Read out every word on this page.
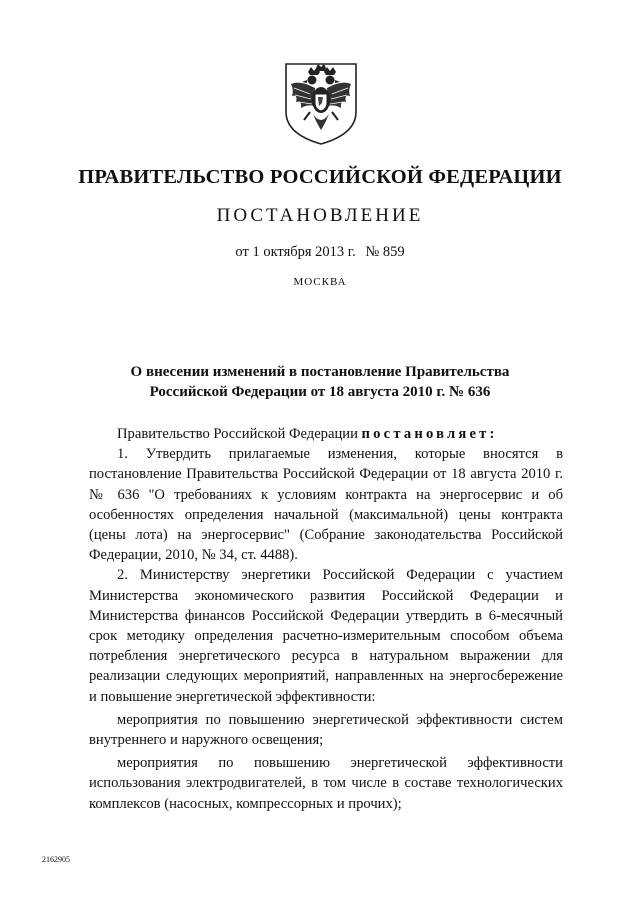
ПРАВИТЕЛЬСТВО РОССИЙСКОЙ ФЕДЕРАЦИИ
ПОСТАНОВЛЕНИЕ
от 1 октября 2013 г. № 859
МОСКВА
О внесении изменений в постановление Правительства
Российской Федерации от 18 августа 2010 г. № 636

Правительство Российской Федерации постановляет:

1. Утвердить прилагаемые изменения, которые вносятся в постановление Правительства Российской Федерации от 18 августа 2010 г. № 636 "О требованиях к условиям контракта на энергосервис и об особенностях определения начальной (максимальной) цены контракта (цены лота) на энергосервис" (Собрание законодательства Российской Федерации, 2010, № 34, ст. 4488).

2. Министерству энергетики Российской Федерации с участием Министерства экономического развития Российской Федерации и Министерства финансов Российской Федерации утвердить в 6-месячный срок методику определения расчетно-измерительным способом объема потребления энергетического ресурса в натуральном выражении для реализации следующих мероприятий, направленных на энергосбережение и повышение энергетической эффективности:

мероприятия по повышению энергетической эффективности систем внутреннего и наружного освещения;

мероприятия по повышению энергетической эффективности использования электродвигателей, в том числе в составе технологических комплексов (насосных, компрессорных и прочих);

2162905
